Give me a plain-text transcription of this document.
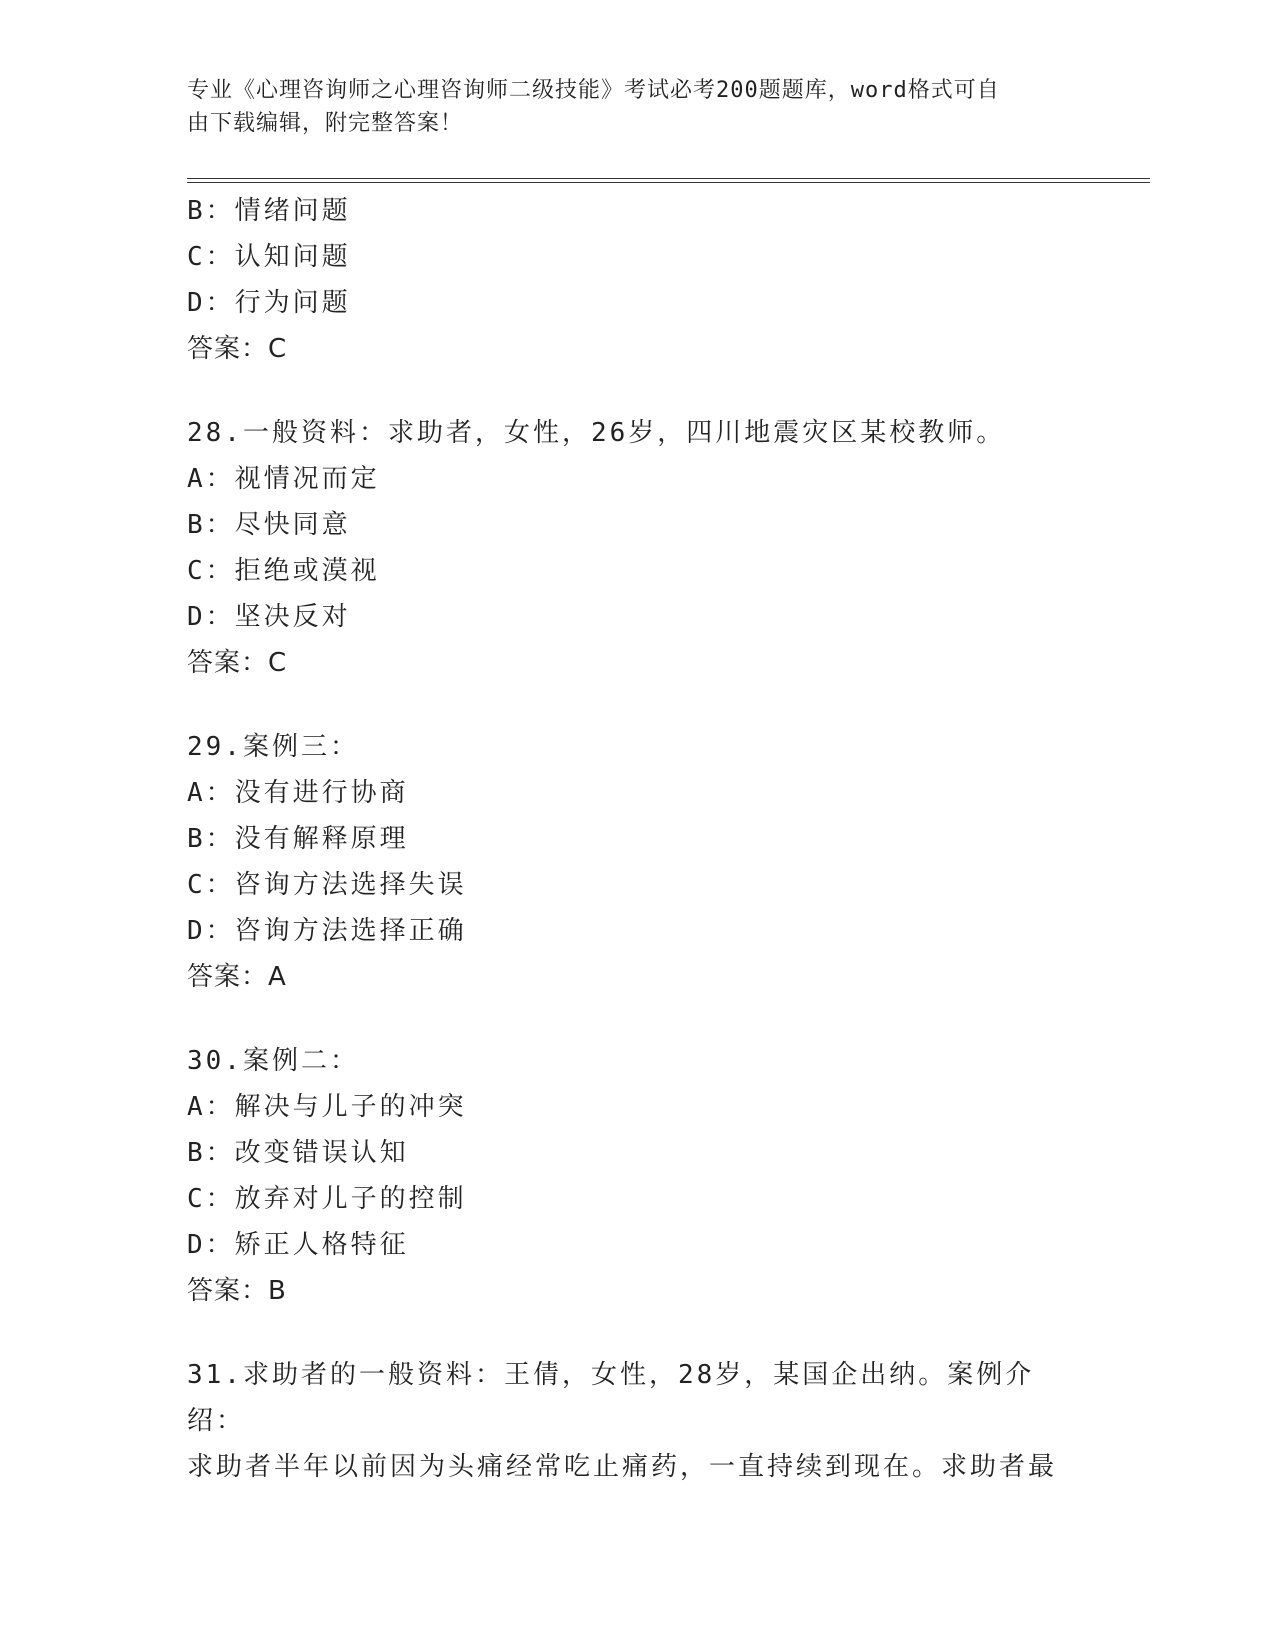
专业《心理咨询师之心理咨询师二级技能》考试必考200题题库，word格式可自
由下载编辑，附完整答案！
B：情绪问题
C：认知问题
D：行为问题
答案：C
28.一般资料：求助者，女性，26岁，四川地震灾区某校教师。
A：视情况而定
B：尽快同意
C：拒绝或漠视
D：坚决反对
答案：C
29.案例三：
A：没有进行协商
B：没有解释原理
C：咨询方法选择失误
D：咨询方法选择正确
答案：A
30.案例二：
A：解决与儿子的冲突
B：改变错误认知
C：放弃对儿子的控制
D：矫正人格特征
答案：B
31.求助者的一般资料：王倩，女性，28岁，某国企出纳。案例介绍：
求助者半年以前因为头痛经常吃止痛药，一直持续到现在。求助者最
